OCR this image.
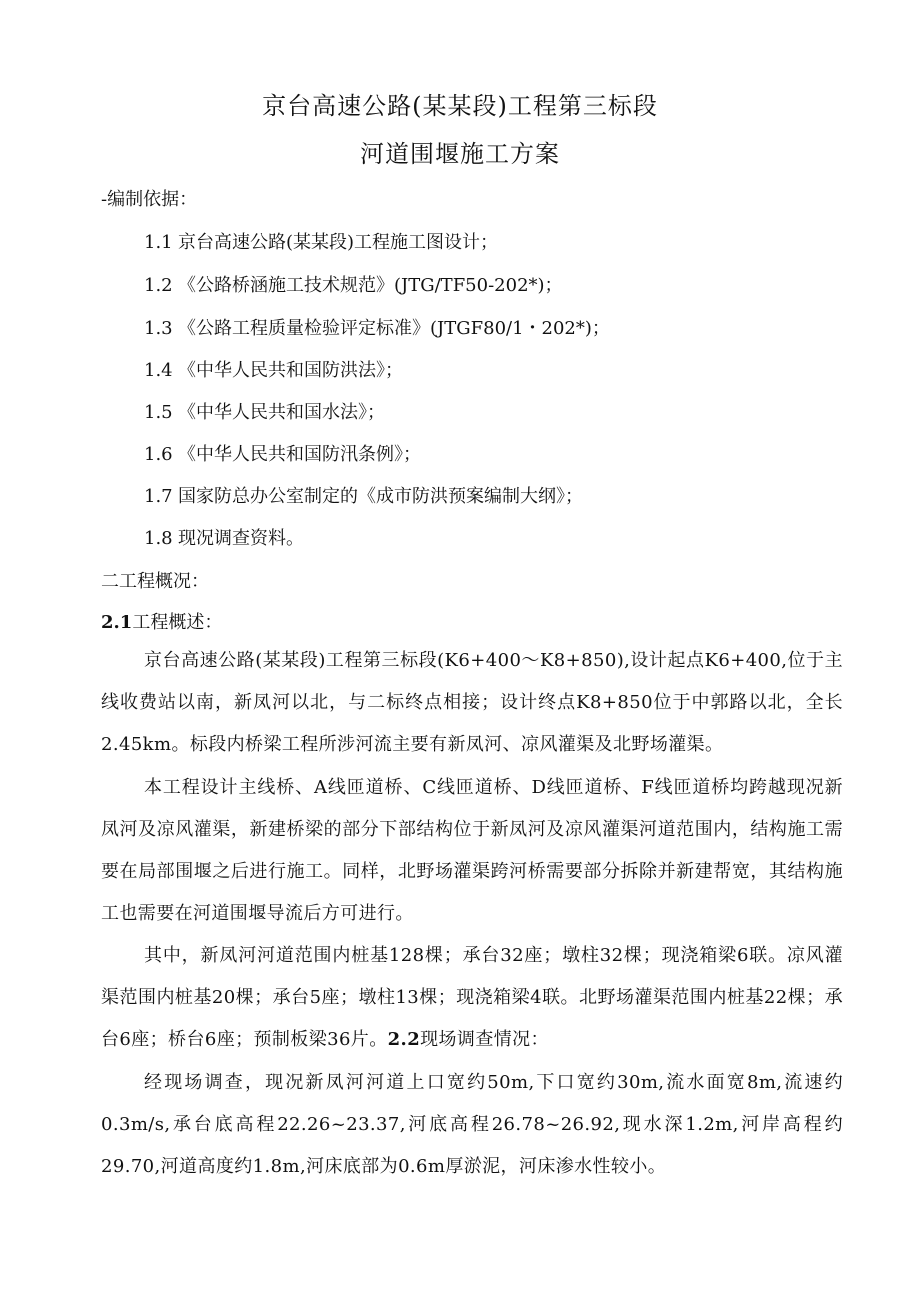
京台高速公路(某某段)工程第三标段
河道围堰施工方案
-编制依据：
1.1 京台高速公路(某某段)工程施工图设计；
1.2 《公路桥涵施工技术规范》(JTG/TF50-202*)；
1.3 《公路工程质量检验评定标准》(JTGF80/1・202*)；
1.4 《中华人民共和国防洪法》；
1.5 《中华人民共和国水法》；
1.6 《中华人民共和国防汛条例》；
1.7 国家防总办公室制定的《成市防洪预案编制大纲》；
1.8 现况调查资料。
二工程概况：
2.1工程概述：
京台高速公路(某某段)工程第三标段(K6+400～K8+850),设计起点K6+400,位于主线收费站以南，新凤河以北，与二标终点相接；设计终点K8+850位于中郭路以北，全长2.45km。标段内桥梁工程所涉河流主要有新凤河、凉风灌渠及北野场灌渠。
本工程设计主线桥、A线匝道桥、C线匝道桥、D线匝道桥、F线匝道桥均跨越现况新凤河及凉风灌渠，新建桥梁的部分下部结构位于新凤河及凉风灌渠河道范围内，结构施工需要在局部围堰之后进行施工。同样，北野场灌渠跨河桥需要部分拆除并新建帮宽，其结构施工也需要在河道围堰导流后方可进行。
其中，新凤河河道范围内桩基128棵；承台32座；墩柱32棵；现浇箱梁6联。凉风灌渠范围内桩基20棵；承台5座；墩柱13棵；现浇箱梁4联。北野场灌渠范围内桩基22棵；承台6座；桥台6座；预制板梁36片。2.2现场调查情况：
经现场调查，现况新凤河河道上口宽约50m,下口宽约30m,流水面宽8m,流速约0.3m/s,承台底高程22.26~23.37,河底高程26.78~26.92,现水深1.2m,河岸高程约29.70,河道高度约1.8m,河床底部为0.6m厚淤泥，河床渗水性较小。
